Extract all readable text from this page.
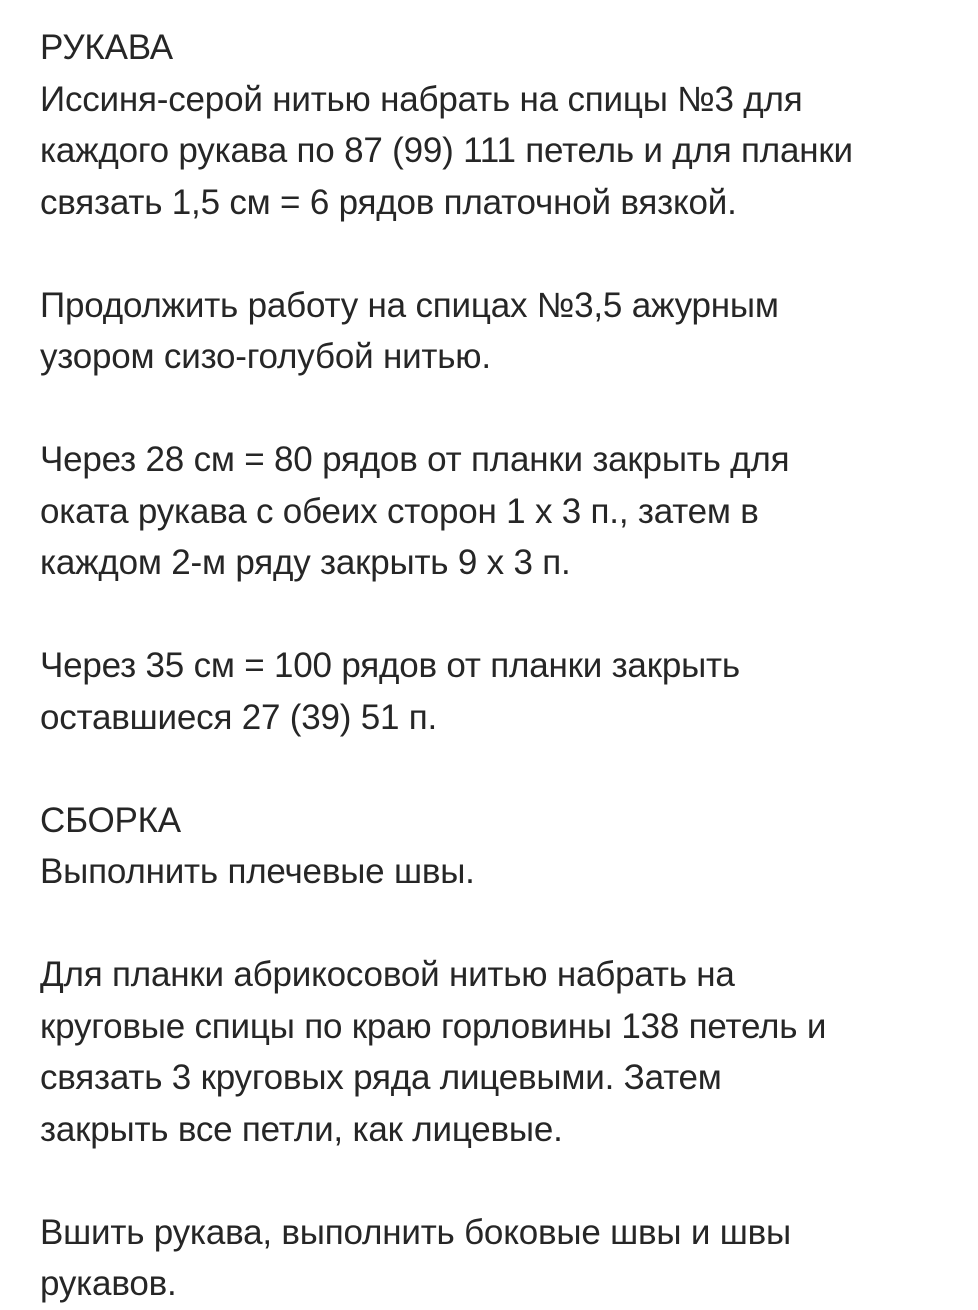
РУКАВА
Иссиня-серой нитью набрать на спицы №3 для
каждого рукава по 87 (99) 111 петель и для планки
связать 1,5 см = 6 рядов платочной вязкой.
Продолжить работу на спицах №3,5 ажурным
узором сизо-голубой нитью.
Через 28 см = 80 рядов от планки закрыть для
оката рукава с обеих сторон 1 х 3 п., затем в
каждом 2-м ряду закрыть 9 х 3 п.
Через 35 см = 100 рядов от планки закрыть
оставшиеся 27 (39) 51 п.
СБОРКА
Выполнить плечевые швы.
Для планки абрикосовой нитью набрать на
круговые спицы по краю горловины 138 петель и
связать 3 круговых ряда лицевыми. Затем
закрыть все петли, как лицевые.
Вшить рукава, выполнить боковые швы и швы
рукавов.
